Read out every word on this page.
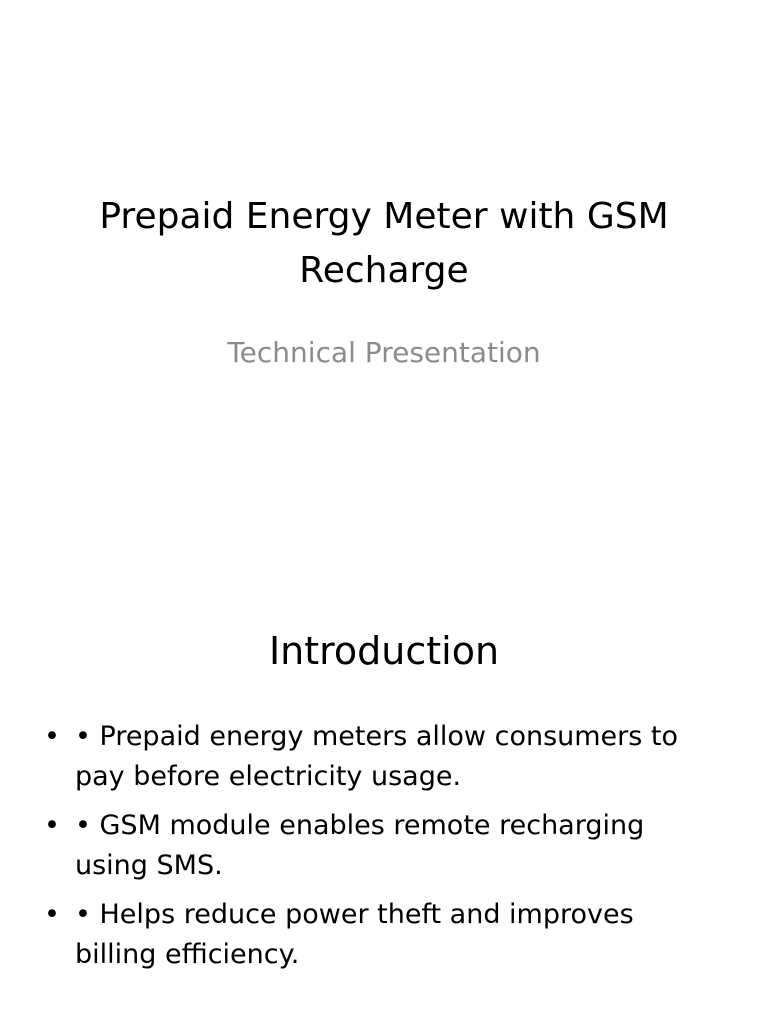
Prepaid Energy Meter with GSM Recharge

Technical Presentation

Introduction
• • Prepaid energy meters allow consumers to pay before electricity usage.
• • GSM module enables remote recharging using SMS.
• • Helps reduce power theft and improves billing efficiency.
